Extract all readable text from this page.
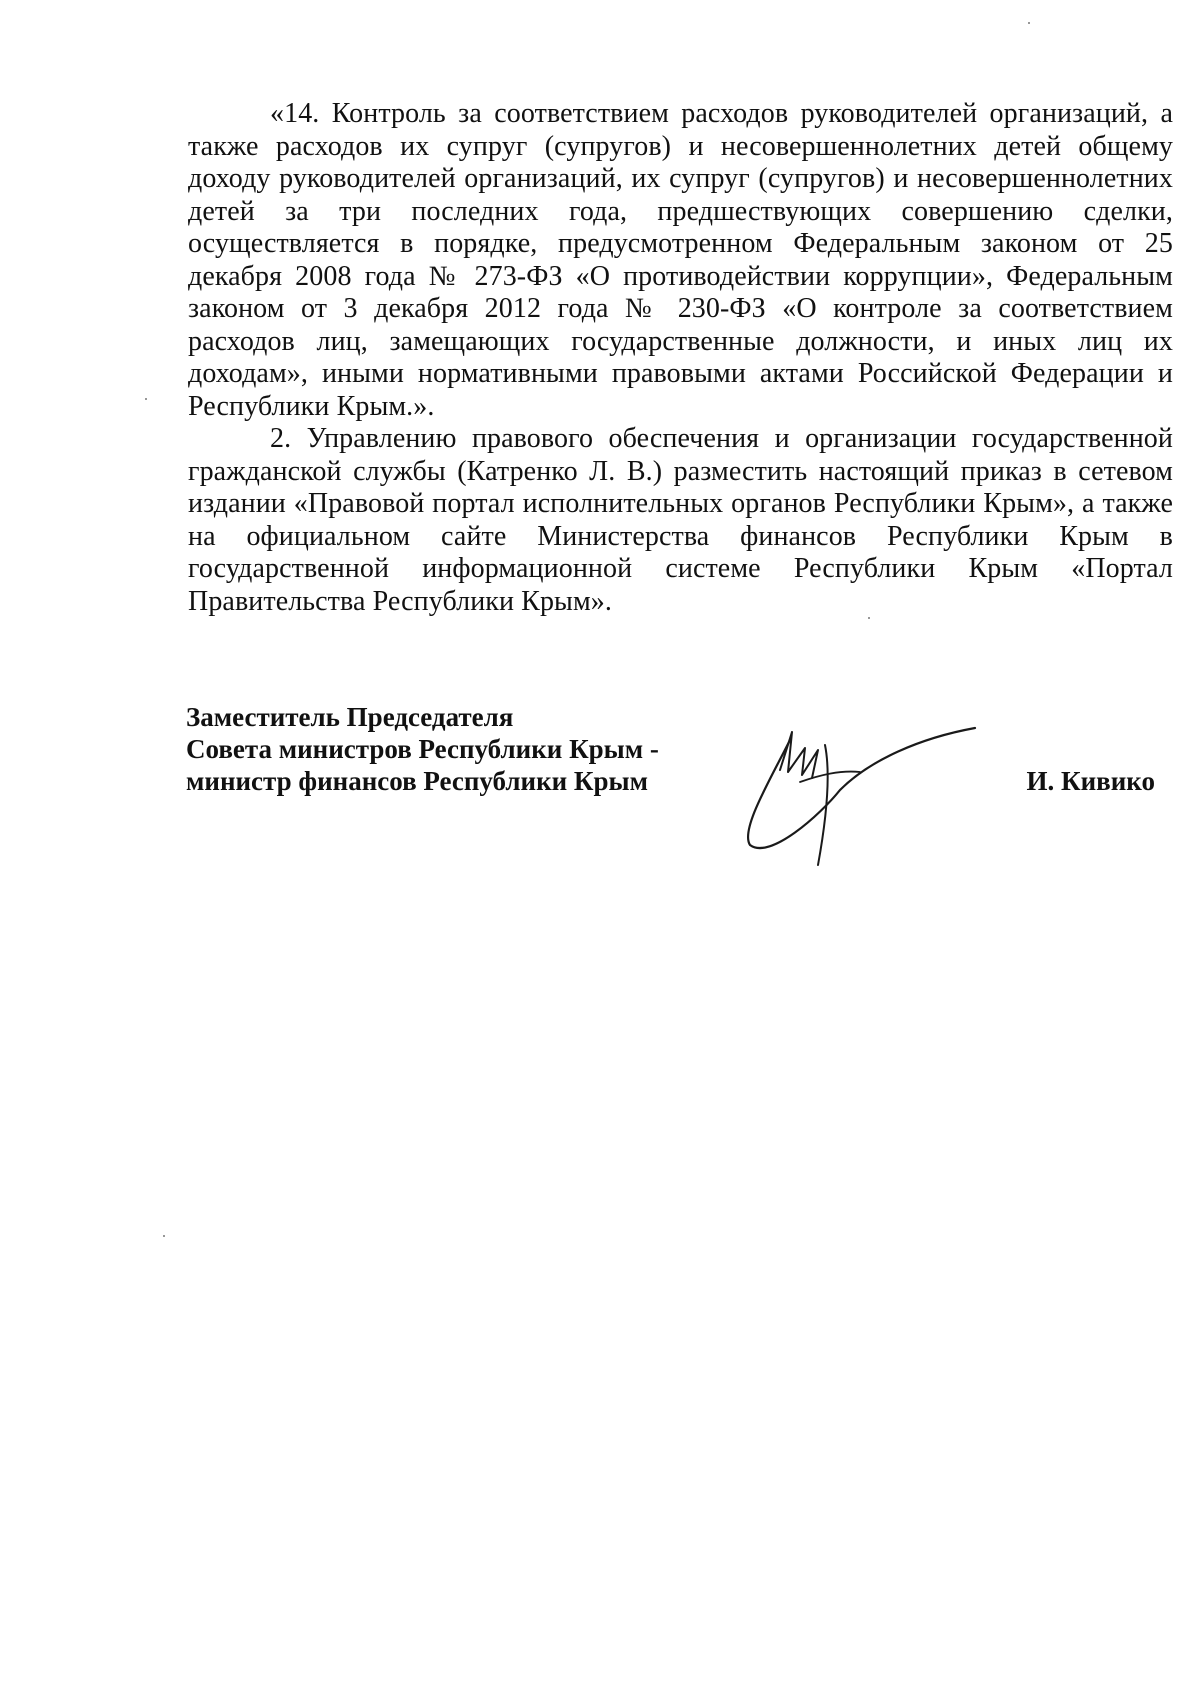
«14. Контроль за соответствием расходов руководителей организаций, а также расходов их супруг (супругов) и несовершеннолетних детей общему доходу руководителей организаций, их супруг (супругов) и несовершеннолетних детей за три последних года, предшествующих совершению сделки, осуществляется в порядке, предусмотренном Федеральным законом от 25 декабря 2008 года № 273-ФЗ «О противодействии коррупции», Федеральным законом от 3 декабря 2012 года № 230-ФЗ «О контроле за соответствием расходов лиц, замещающих государственные должности, и иных лиц их доходам», иными нормативными правовыми актами Российской Федерации и Республики Крым.».

2. Управлению правового обеспечения и организации государственной гражданской службы (Катренко Л. В.) разместить настоящий приказ в сетевом издании «Правовой портал исполнительных органов Республики Крым», а также на официальном сайте Министерства финансов Республики Крым в государственной информационной системе Республики Крым «Портал Правительства Республики Крым».

Заместитель Председателя
Совета министров Республики Крым -
министр финансов Республики Крым	И. Кивико
